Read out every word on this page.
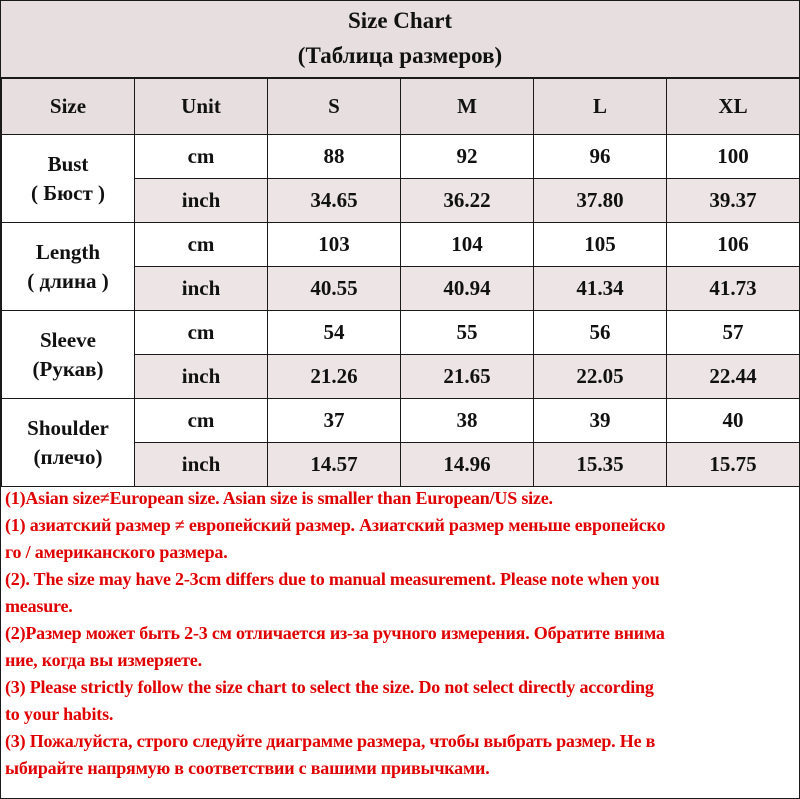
Size Chart
(Таблица размеров)
Size	Unit	S	M	L	XL

Bust
( Бюст )	cm	88	92	96	100
	inch	34.65	36.22	37.80	39.37

Length
( длина )	cm	103	104	105	106
	inch	40.55	40.94	41.34	41.73

Sleeve
(Рукав)	cm	54	55	56	57
	inch	21.26	21.65	22.05	22.44

Shoulder
(плечо)	cm	37	38	39	40
	inch	14.57	14.96	15.35	15.75

(1)Asian size≠European size. Asian size is smaller than European/US size.

(1) азиатский размер ≠ европейский размер. Азиатский размер меньше европейско

го / американского размера.

(2). The size may have 2-3cm differs due to manual measurement. Please note when you

measure.

(2)Размер может быть 2-3 см отличается из-за ручного измерения. Обратите внима

ние, когда вы измеряете.

(3) Please strictly follow the size chart to select the size. Do not select directly according

to your habits.

(3) Пожалуйста, строго следуйте диаграмме размера, чтобы выбрать размер. Не в

ыбирайте напрямую в соответствии с вашими привычками.
